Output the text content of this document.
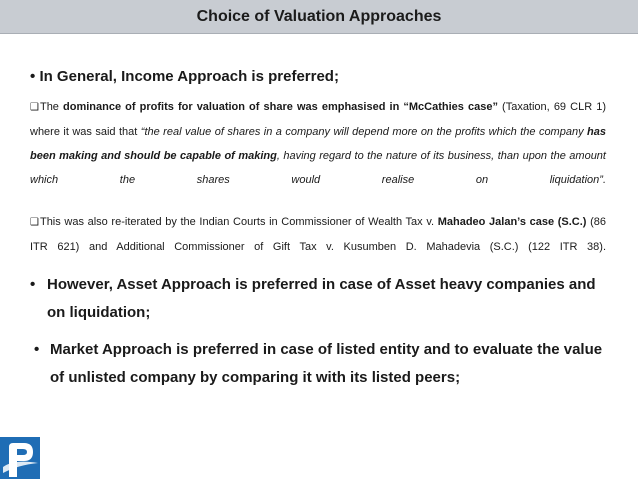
Choice of Valuation Approaches
• In General, Income Approach is preferred;
❑The dominance of profits for valuation of share was emphasised in “McCathies case” (Taxation, 69 CLR 1) where it was said that “the real value of shares in a company will depend more on the profits which the company has been making and should be capable of making, having regard to the nature of its business, than upon the amount which the shares would realise on liquidation”.
❑This was also re-iterated by the Indian Courts in Commissioner of Wealth Tax v. Mahadeo Jalan’s case (S.C.) (86 ITR 621) and Additional Commissioner of Gift Tax v. Kusumben D. Mahadevia (S.C.) (122 ITR 38).
• However, Asset Approach is preferred in case of Asset heavy companies and on liquidation;
• Market Approach is preferred in case of listed entity and to evaluate the value of unlisted company by comparing it with its listed peers;
